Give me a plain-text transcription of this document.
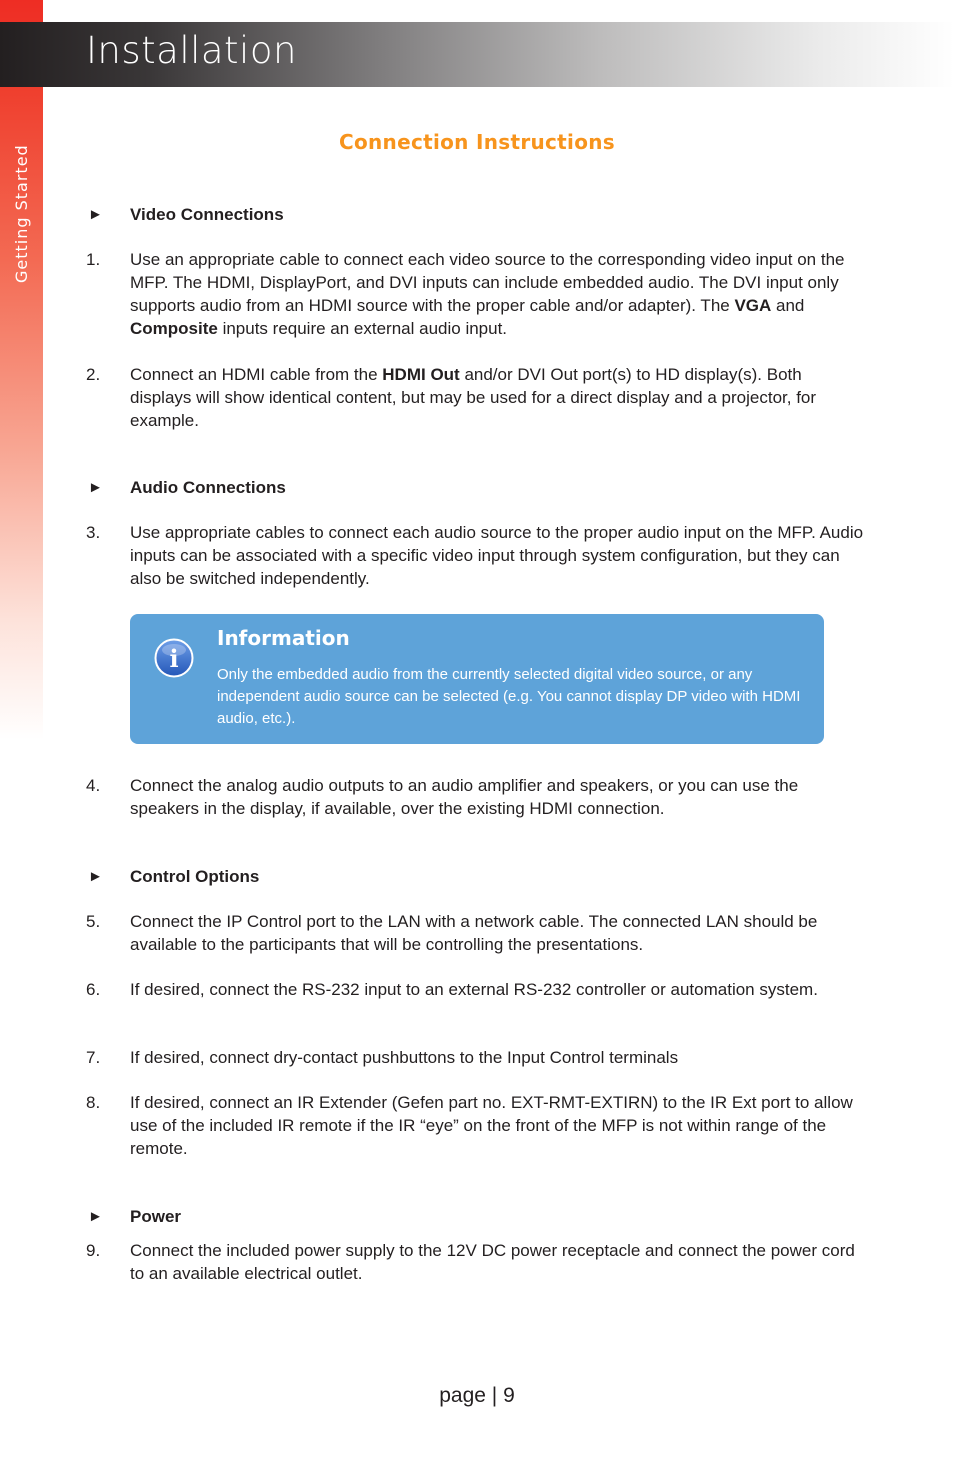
Getting Started
Installation
Connection Instructions
► Video Connections
1. Use an appropriate cable to connect each video source to the corresponding video input on the MFP. The HDMI, DisplayPort, and DVI inputs can include embedded audio. The DVI input only supports audio from an HDMI source with the proper cable and/or adapter). The VGA and Composite inputs require an external audio input.
2. Connect an HDMI cable from the HDMI Out and/or DVI Out port(s) to HD display(s). Both displays will show identical content, but may be used for a direct display and a projector, for example.
► Audio Connections
3. Use appropriate cables to connect each audio source to the proper audio input on the MFP. Audio inputs can be associated with a specific video input through system configuration, but they can also be switched independently.
i
Information
Only the embedded audio from the currently selected digital video source, or any independent audio source can be selected (e.g. You cannot display DP video with HDMI audio, etc.).
4. Connect the analog audio outputs to an audio amplifier and speakers, or you can use the speakers in the display, if available, over the existing HDMI connection.
► Control Options
5. Connect the IP Control port to the LAN with a network cable. The connected LAN should be available to the participants that will be controlling the presentations.
6. If desired, connect the RS-232 input to an external RS-232 controller or automation system.
7. If desired, connect dry-contact pushbuttons to the Input Control terminals
8. If desired, connect an IR Extender (Gefen part no. EXT-RMT-EXTIRN) to the IR Ext port to allow use of the included IR remote if the IR “eye” on the front of the MFP is not within range of the remote.
► Power
9. Connect the included power supply to the 12V DC power receptacle and connect the power cord to an available electrical outlet.
page | 9
